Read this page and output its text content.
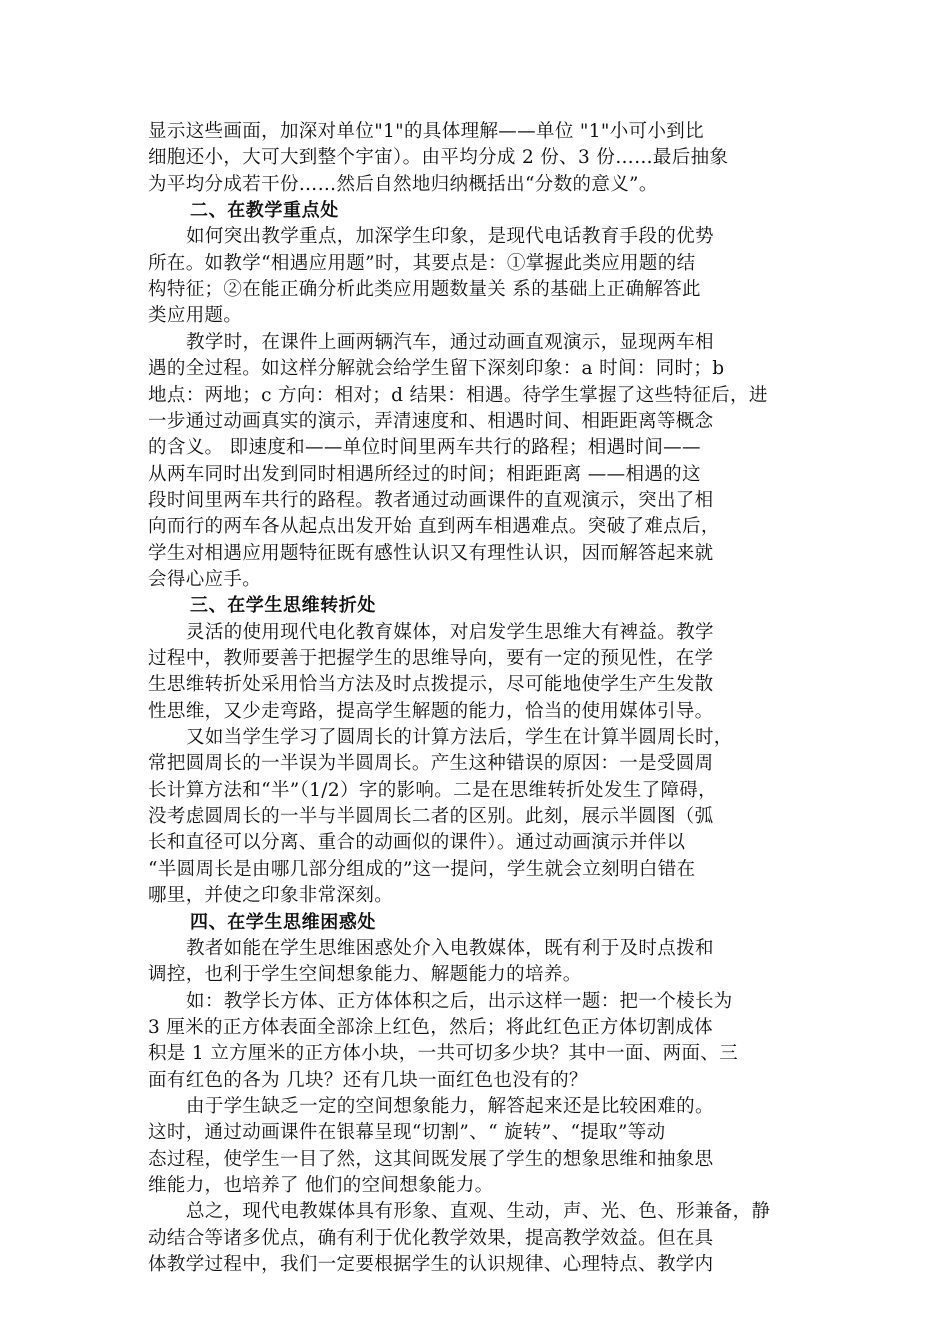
显示这些画面，加深对单位"1"的具体理解——单位 "1"小可小到比
细胞还小，大可大到整个宇宙）。由平均分成 2 份、3 份……最后抽象
为平均分成若干份……然后自然地归纳概括出“分数的意义”。
二、在教学重点处
如何突出教学重点，加深学生印象，是现代电话教育手段的优势
所在。如教学“相遇应用题”时，其要点是：①掌握此类应用题的结
构特征；②在能正确分析此类应用题数量关 系的基础上正确解答此
类应用题。
教学时，在课件上画两辆汽车，通过动画直观演示，显现两车相
遇的全过程。如这样分解就会给学生留下深刻印象：a 时间：同时；b
地点：两地；c 方向：相对；d 结果：相遇。待学生掌握了这些特征后，进
一步通过动画真实的演示，弄清速度和、相遇时间、相距距离等概念
的含义。 即速度和——单位时间里两车共行的路程；相遇时间——
从两车同时出发到同时相遇所经过的时间；相距距离 ——相遇的这
段时间里两车共行的路程。教者通过动画课件的直观演示，突出了相
向而行的两车各从起点出发开始 直到两车相遇难点。突破了难点后，
学生对相遇应用题特征既有感性认识又有理性认识，因而解答起来就
会得心应手。
三、在学生思维转折处
灵活的使用现代电化教育媒体，对启发学生思维大有裨益。教学
过程中，教师要善于把握学生的思维导向，要有一定的预见性，在学
生思维转折处采用恰当方法及时点拨提示，尽可能地使学生产生发散
性思维，又少走弯路，提高学生解题的能力，恰当的使用媒体引导。
又如当学生学习了圆周长的计算方法后，学生在计算半圆周长时，
常把圆周长的一半误为半圆周长。产生这种错误的原因：一是受圆周
长计算方法和“半”（1/2）字的影响。二是在思维转折处发生了障碍，
没考虑圆周长的一半与半圆周长二者的区别。此刻，展示半圆图（弧
长和直径可以分离、重合的动画似的课件）。通过动画演示并伴以
“半圆周长是由哪几部分组成的”这一提问，学生就会立刻明白错在
哪里，并使之印象非常深刻。
四、在学生思维困惑处
教者如能在学生思维困惑处介入电教媒体，既有利于及时点拨和
调控，也利于学生空间想象能力、解题能力的培养。
如：教学长方体、正方体体积之后，出示这样一题：把一个棱长为
3 厘米的正方体表面全部涂上红色，然后；将此红色正方体切割成体
积是 1 立方厘米的正方体小块，一共可切多少块？其中一面、两面、三
面有红色的各为 几块？还有几块一面红色也没有的？
由于学生缺乏一定的空间想象能力，解答起来还是比较困难的。
这时，通过动画课件在银幕呈现“切割”、“ 旋转”、“提取”等动
态过程，使学生一目了然，这其间既发展了学生的想象思维和抽象思
维能力，也培养了 他们的空间想象能力。
总之，现代电教媒体具有形象、直观、生动，声、光、色、形兼备，静
动结合等诸多优点，确有利于优化教学效果，提高教学效益。但在具
体教学过程中，我们一定要根据学生的认识规律、心理特点、教学内
